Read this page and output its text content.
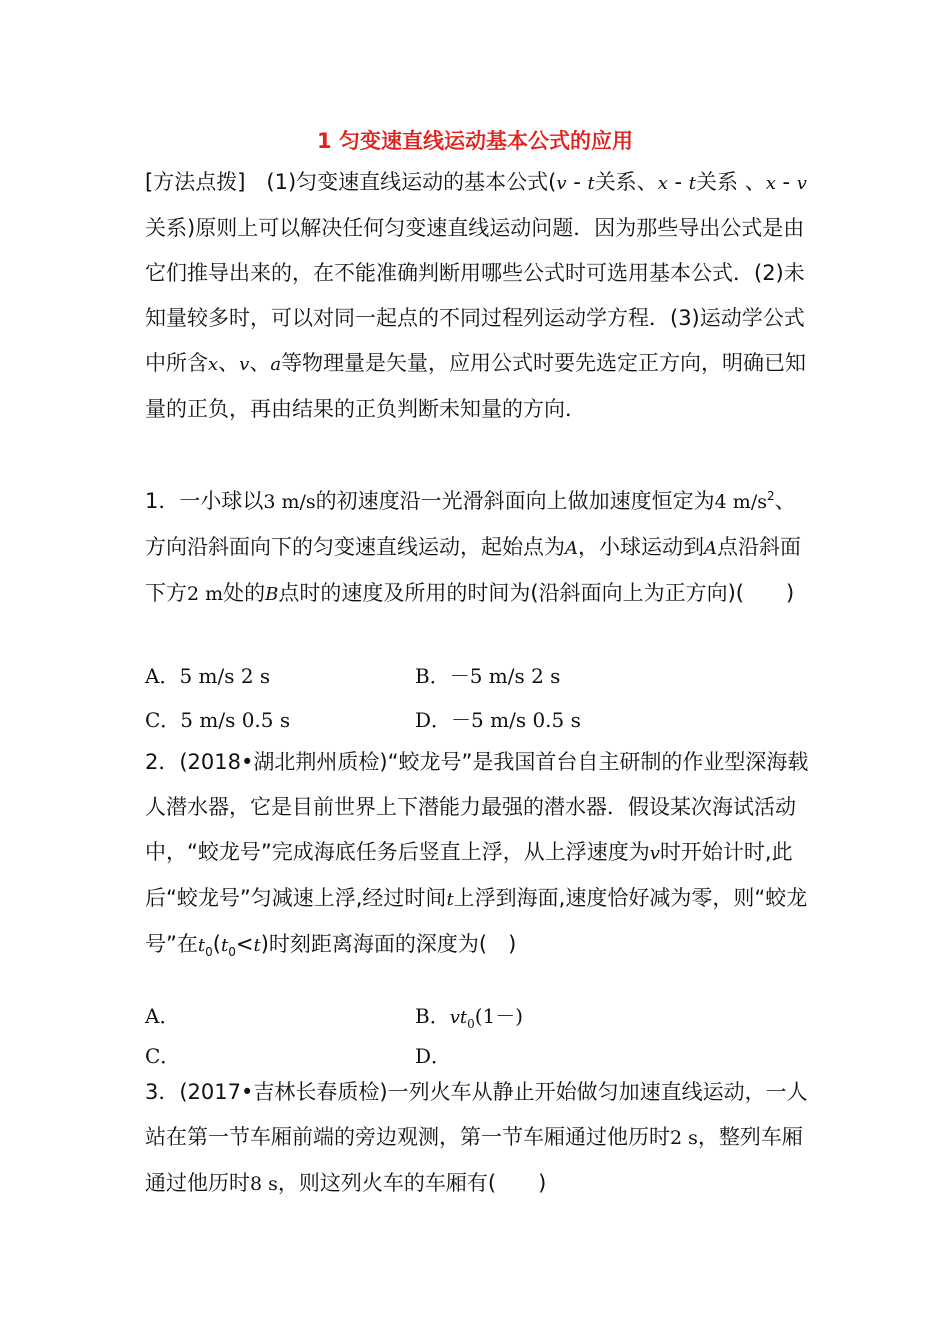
1 匀变速直线运动基本公式的应用
[方法点拨]　 (1)匀变速直线运动的基本公式(v - t关系、x - t关系 、x - v关系)原则上可以解决任何匀变速直线运动问题．因为那些导出公式是由它们推导出来的，在不能准确判断用哪些公式时可选用基本公式．(2)未知量较多时，可以对同一起点的不同过程列运动学方程．(3)运动学公式中所含x、v、a等物理量是矢量，应用公式时要先选定正方向，明确已知量的正负，再由结果的正负判断未知量的方向．
1．一小球以3 m/s的初速度沿一光滑斜面向上做加速度恒定为4 $m/s^2$、方向沿斜面向下的匀变速直线运动，起始点为A，小球运动到A点沿斜面下方2 m处的B点时的速度及所用的时间为(沿斜面向上为正方向)(　　)
A．5 m/s 2 s	B．－5 m/s 2 s
C．5 m/s 0.5 s	D．－5 m/s 0.5 s
2．(2018•湖北荆州质检)“蛟龙号”是我国首台自主研制的作业型深海载人潜水器，它是目前世界上下潜能力最强的潜水器．假设某次海试活动中，“蛟龙号”完成海底任务后竖直上浮，从上浮速度为v时开始计时,此后“蛟龙号”匀减速上浮,经过时间t上浮到海面,速度恰好减为零，则“蛟龙号”在$t_0(t_0<t)$时刻距离海面的深度为(　)
A．	B．$vt_0(1-)$
C．	D．
3．(2017•吉林长春质检)一列火车从静止开始做匀加速直线运动，一人站在第一节车厢前端的旁边观测，第一节车厢通过他历时2 s，整列车厢通过他历时8 s，则这列火车的车厢有(　　)
